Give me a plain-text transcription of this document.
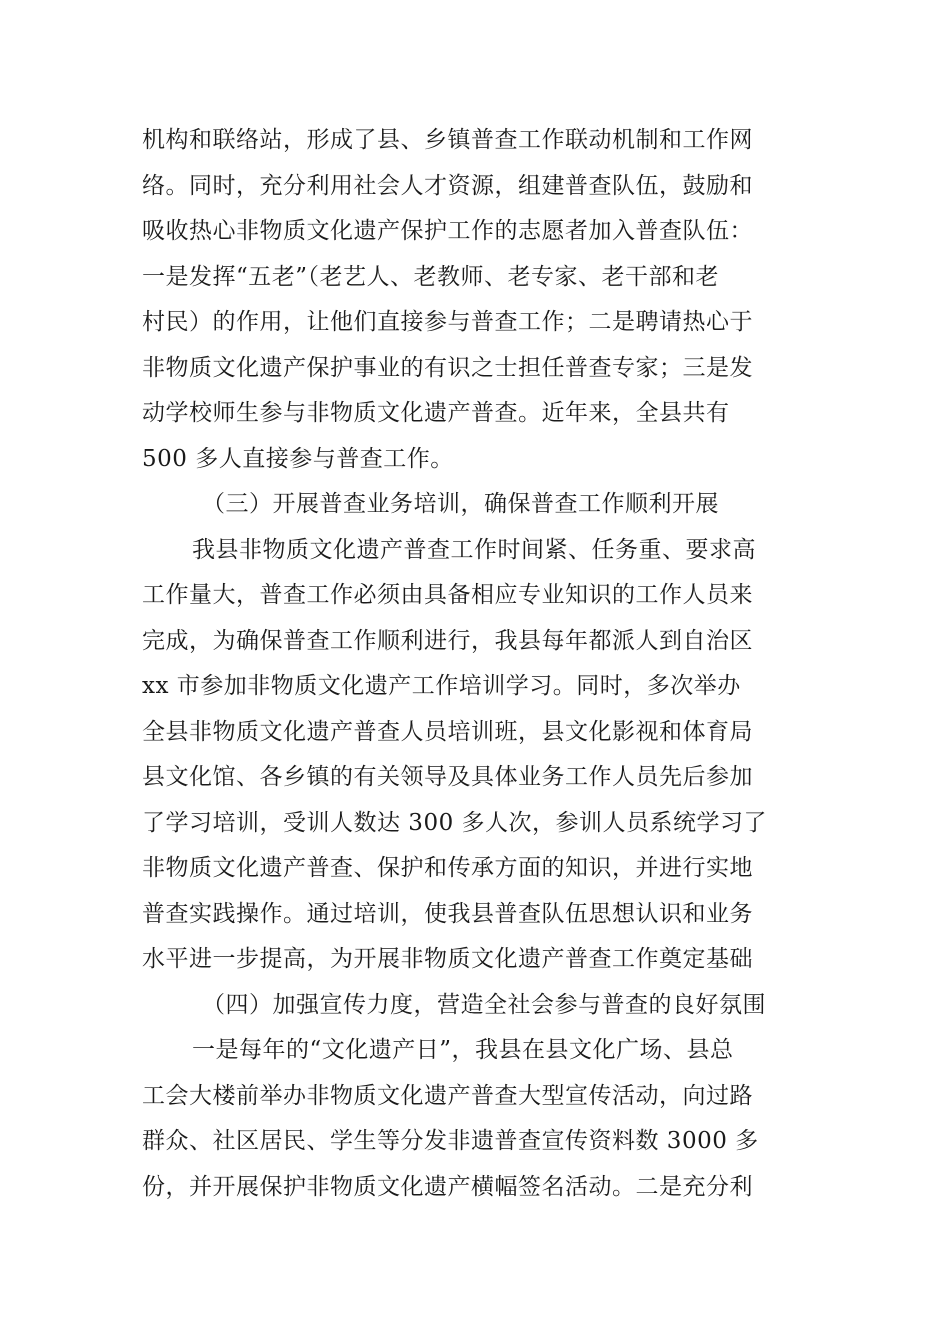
机构和联络站，形成了县、乡镇普查工作联动机制和工作网
络。同时，充分利用社会人才资源，组建普查队伍，鼓励和
吸收热心非物质文化遗产保护工作的志愿者加入普查队伍：
一是发挥“五老”（老艺人、老教师、老专家、老干部和老
村民）的作用，让他们直接参与普查工作；二是聘请热心于
非物质文化遗产保护事业的有识之士担任普查专家；三是发
动学校师生参与非物质文化遗产普查。近年来，全县共有
500 多人直接参与普查工作。
（三）开展普查业务培训，确保普查工作顺利开展
我县非物质文化遗产普查工作时间紧、任务重、要求高
工作量大，普查工作必须由具备相应专业知识的工作人员来
完成，为确保普查工作顺利进行，我县每年都派人到自治区
xx 市参加非物质文化遗产工作培训学习。同时，多次举办
全县非物质文化遗产普查人员培训班，县文化影视和体育局
县文化馆、各乡镇的有关领导及具体业务工作人员先后参加
了学习培训，受训人数达 300 多人次，参训人员系统学习了
非物质文化遗产普查、保护和传承方面的知识，并进行实地
普查实践操作。通过培训，使我县普查队伍思想认识和业务
水平进一步提高，为开展非物质文化遗产普查工作奠定基础
（四）加强宣传力度，营造全社会参与普查的良好氛围
一是每年的“文化遗产日”，我县在县文化广场、县总
工会大楼前举办非物质文化遗产普查大型宣传活动，向过路
群众、社区居民、学生等分发非遗普查宣传资料数 3000 多
份，并开展保护非物质文化遗产横幅签名活动。二是充分利
